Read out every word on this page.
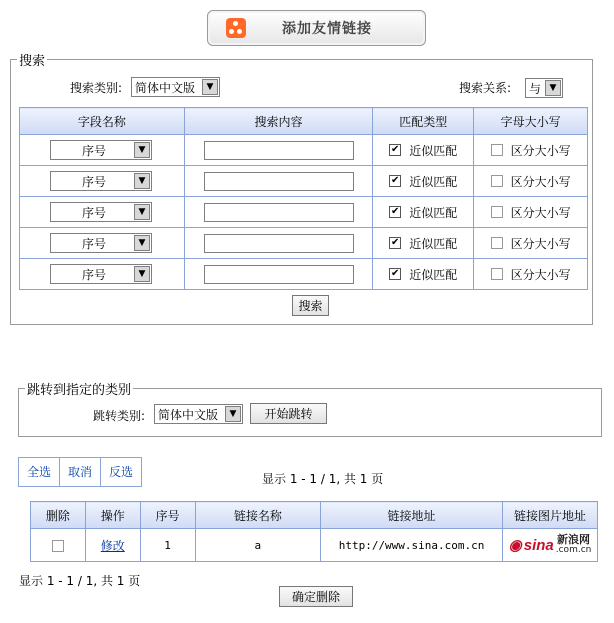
添加友情链接
搜索
搜索类别: 简体中文版	▼	搜索关系: 与 ▼
字段名称	搜索内容	匹配类型	字母大小写

序号 ▼		✔ 近似匹配	区分大小写

序号 ▼		✔ 近似匹配	区分大小写

序号 ▼		✔ 近似匹配	区分大小写

序号 ▼		✔ 近似匹配	区分大小写

序号 ▼		✔ 近似匹配	区分大小写
搜索
跳转到指定的类别
跳转类别: 简体中文版	▼	开始跳转
全选	取消	反选	显示 1 - 1 / 1, 共 1 页
删除	操作	序号	链接名称	链接地址	链接图片地址
	修改	1	a	http://www.sina.com.cn	◉ sina 新浪网
.com.cn
显示 1 - 1 / 1, 共 1 页
确定删除
